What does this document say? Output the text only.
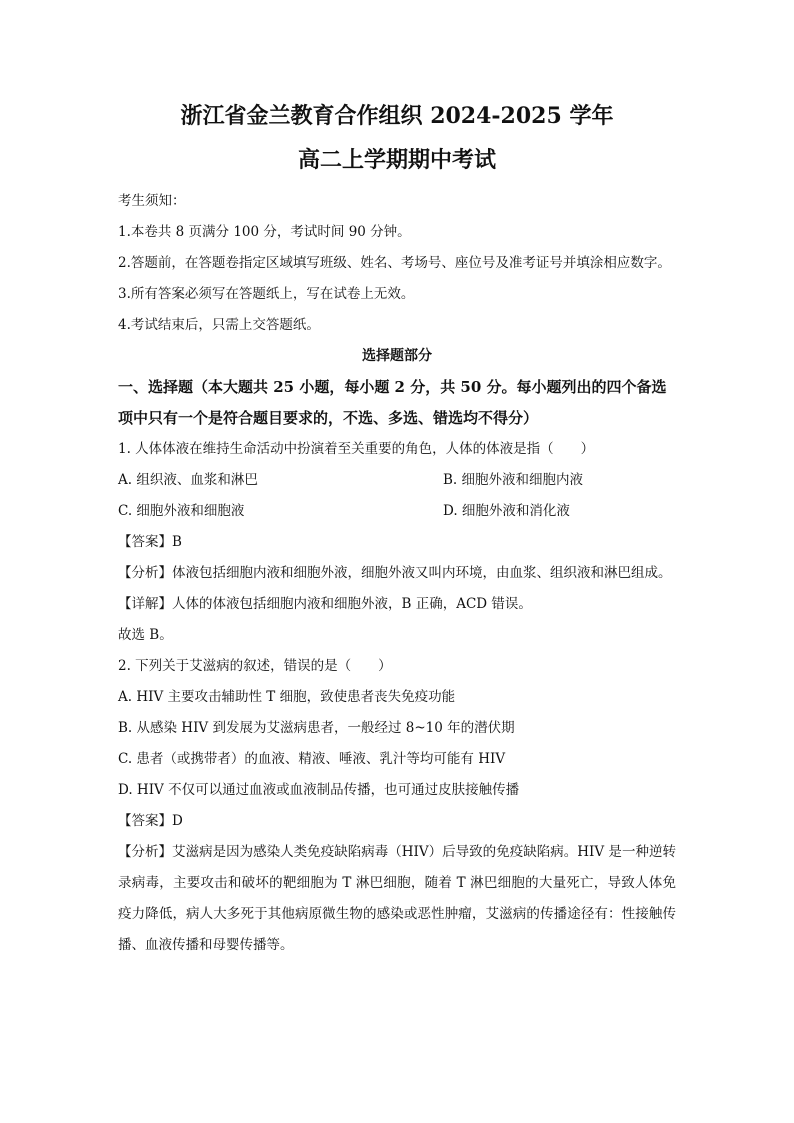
浙江省金兰教育合作组织 2024-2025 学年

高二上学期期中考试

考生须知：

1.本卷共 8 页满分 100 分，考试时间 90 分钟。

2.答题前，在答题卷指定区域填写班级、姓名、考场号、座位号及准考证号并填涂相应数字。

3.所有答案必须写在答题纸上，写在试卷上无效。

4.考试结束后，只需上交答题纸。

选择题部分

一、选择题（本大题共 25 小题，每小题 2 分，共 50 分。每小题列出的四个备选项中只有一个是符合题目要求的，不选、多选、错选均不得分）

1. 人体体液在维持生命活动中扮演着至关重要的角色，人体的体液是指（　　）

A. 组织液、血浆和淋巴	B. 细胞外液和细胞内液
C. 细胞外液和细胞液	D. 细胞外液和消化液

【答案】B

【分析】体液包括细胞内液和细胞外液，细胞外液又叫内环境，由血浆、组织液和淋巴组成。

【详解】人体的体液包括细胞内液和细胞外液，B 正确，ACD 错误。

故选 B。

2. 下列关于艾滋病的叙述，错误的是（　　）

A. HIV 主要攻击辅助性 T 细胞，致使患者丧失免疫功能

B. 从感染 HIV 到发展为艾滋病患者，一般经过 8~10 年的潜伏期

C. 患者（或携带者）的血液、精液、唾液、乳汁等均可能有 HIV

D. HIV 不仅可以通过血液或血液制品传播，也可通过皮肤接触传播

【答案】D

【分析】艾滋病是因为感染人类免疫缺陷病毒（HIV）后导致的免疫缺陷病。HIV 是一种逆转录病毒，主要攻击和破坏的靶细胞为 T 淋巴细胞，随着 T 淋巴细胞的大量死亡，导致人体免疫力降低，病人大多死于其他病原微生物的感染或恶性肿瘤，艾滋病的传播途径有：性接触传播、血液传播和母婴传播等。
